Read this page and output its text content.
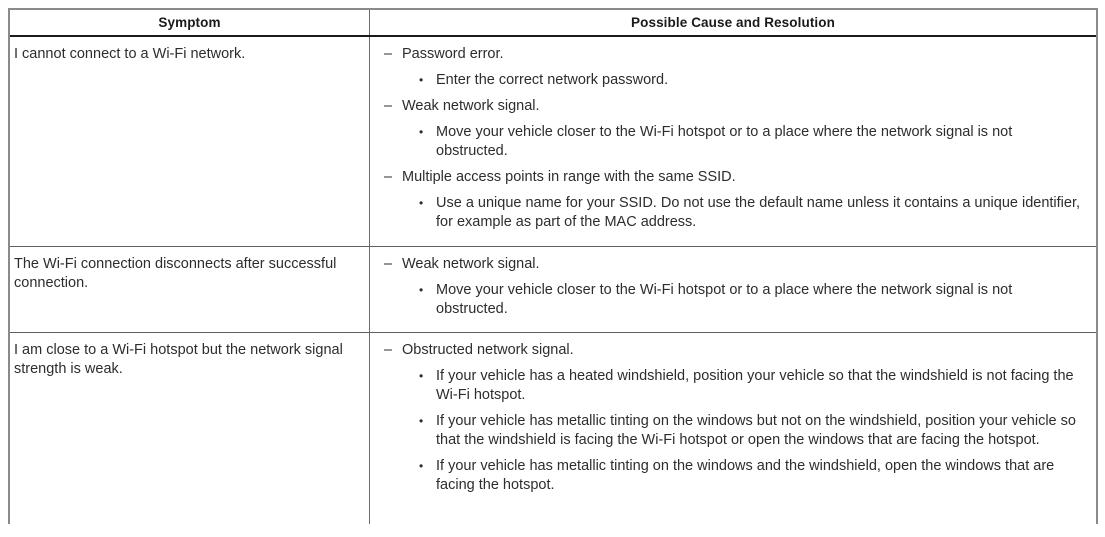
Symptom	Possible Cause and Resolution
I cannot connect to a Wi-Fi network.	– Password error.
• Enter the correct network password.
– Weak network signal.
• Move your vehicle closer to the Wi-Fi hotspot or to a place where the network signal is not obstructed.
– Multiple access points in range with the same SSID.
• Use a unique name for your SSID. Do not use the default name unless it contains a unique identifier, for example as part of the MAC address.
The Wi-Fi connection disconnects after successful connection.
– Weak network signal.
• Move your vehicle closer to the Wi-Fi hotspot or to a place where the network signal is not obstructed.
I am close to a Wi-Fi hotspot but the network signal strength is weak.
– Obstructed network signal.
• If your vehicle has a heated windshield, position your vehicle so that the windshield is not facing the Wi-Fi hotspot.
• If your vehicle has metallic tinting on the windows but not on the windshield, position your vehicle so that the windshield is facing the Wi-Fi hotspot or open the windows that are facing the hotspot.
• If your vehicle has metallic tinting on the windows and the windshield, open the windows that are facing the hotspot.
